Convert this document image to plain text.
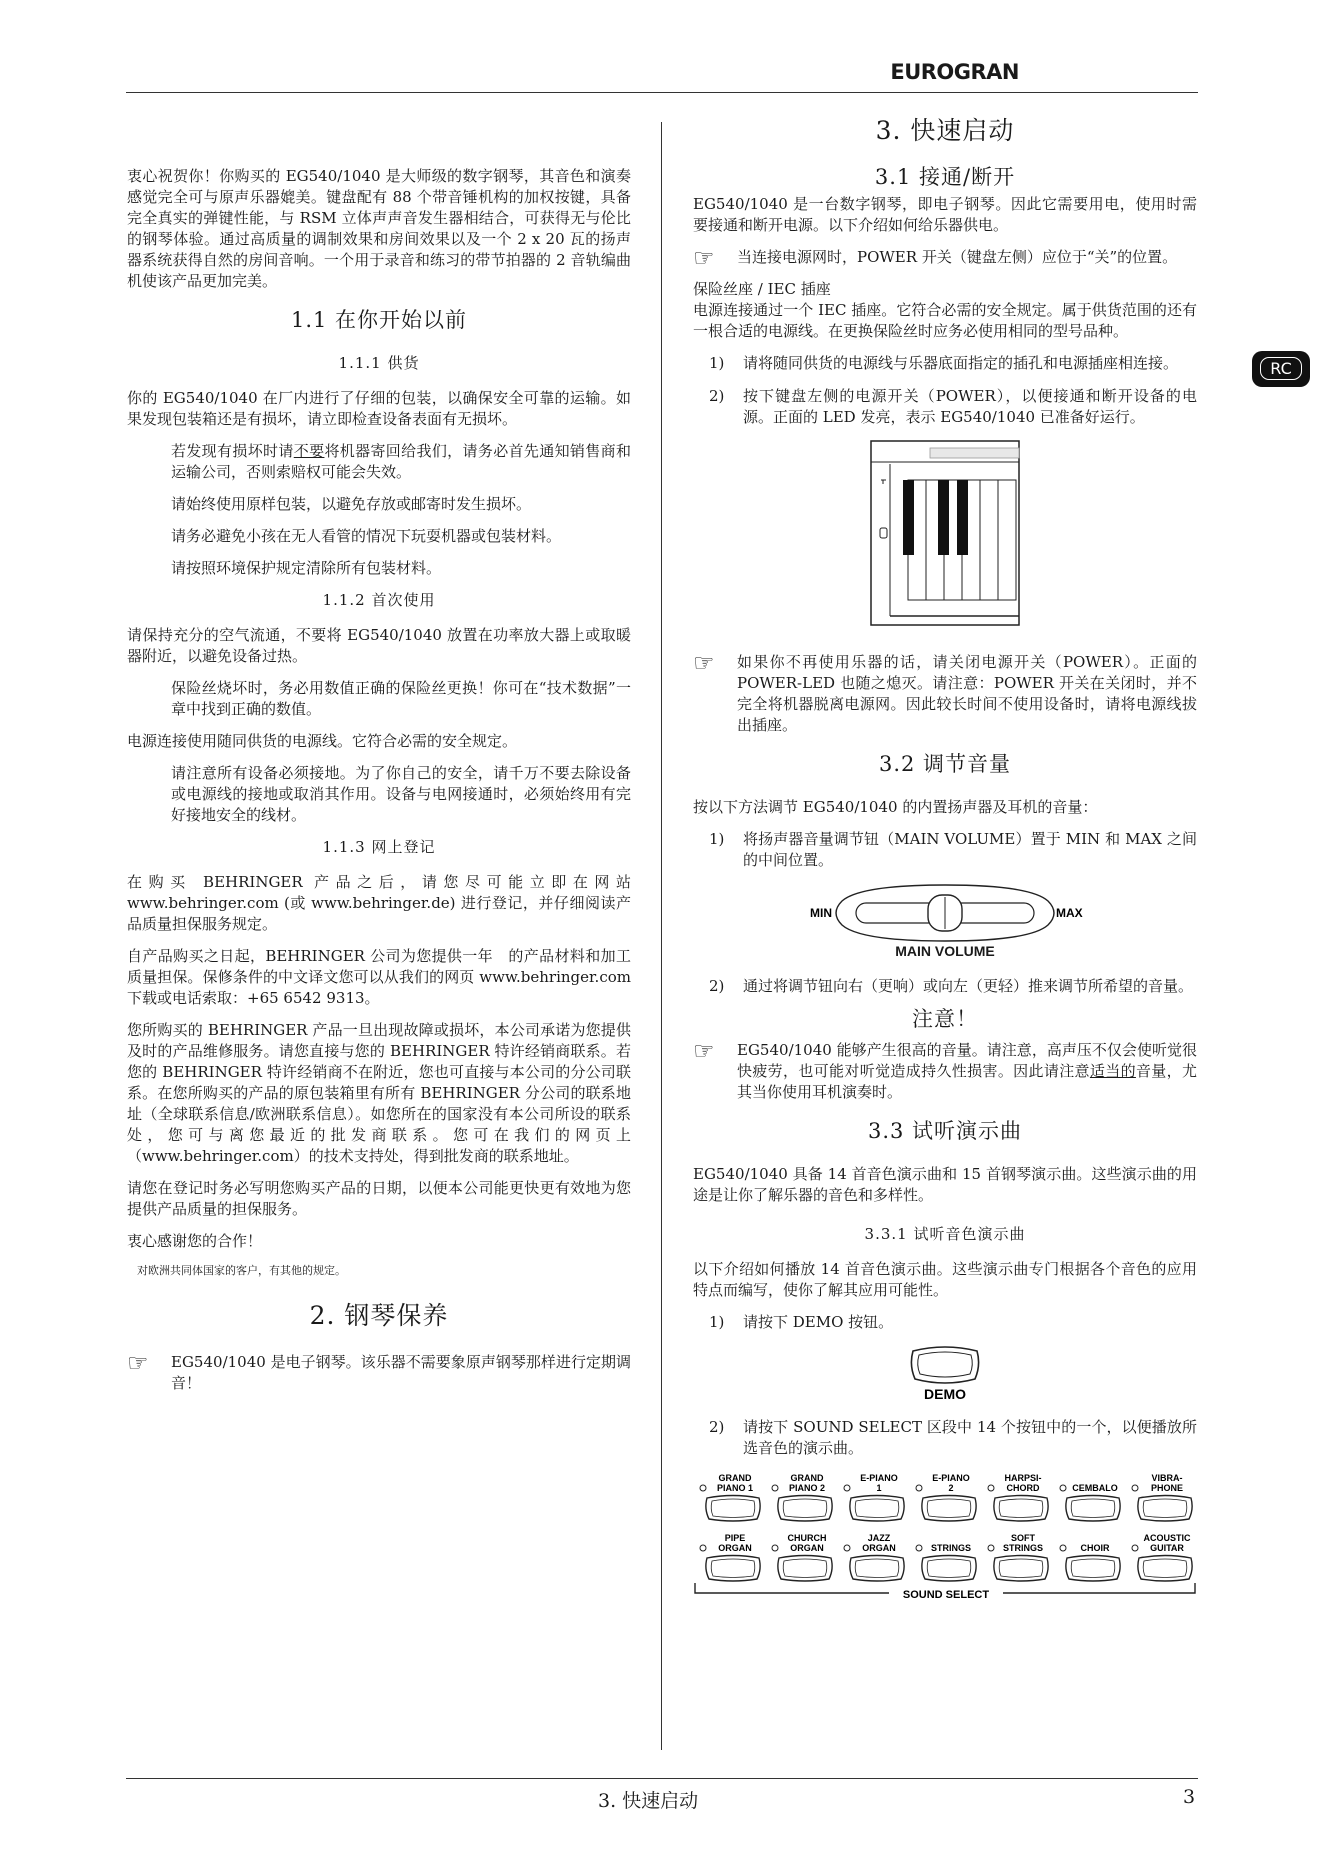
EUROGRAN
RC

衷心祝贺你！你购买的 EG540/1040 是大师级的数字钢琴，其音色和演奏感觉完全可与原声乐器媲美。键盘配有 88 个带音锤机构的加权按键，具备完全真实的弹键性能，与 RSM 立体声声音发生器相结合，可获得无与伦比的钢琴体验。通过高质量的调制效果和房间效果以及一个 2 x 20 瓦的扬声器系统获得自然的房间音响。一个用于录音和练习的带节拍器的 2 音轨编曲机使该产品更加完美。

1.1 在你开始以前
1.1.1 供货

你的 EG540/1040 在厂内进行了仔细的包装，以确保安全可靠的运输。如果发现包装箱还是有损坏，请立即检查设备表面有无损坏。

若发现有损坏时请不要将机器寄回给我们，请务必首先通知销售商和运输公司，否则索赔权可能会失效。

请始终使用原样包装，以避免存放或邮寄时发生损坏。

请务必避免小孩在无人看管的情况下玩耍机器或包装材料。

请按照环境保护规定清除所有包装材料。

1.1.2 首次使用

请保持充分的空气流通，不要将 EG540/1040 放置在功率放大器上或取暖器附近，以避免设备过热。

保险丝烧坏时，务必用数值正确的保险丝更换！你可在“技术数据”一章中找到正确的数值。

电源连接使用随同供货的电源线。它符合必需的安全规定。

请注意所有设备必须接地。为了你自己的安全，请千万不要去除设备或电源线的接地或取消其作用。设备与电网接通时，必须始终用有完好接地安全的线材。

1.1.3 网上登记

在购买 BEHRINGER 产品之后，请您尽可能立即在网站 www.behringer.com (或 www.behringer.de) 进行登记，并仔细阅读产品质量担保服务规定。

自产品购买之日起，BEHRINGER 公司为您提供一年　的产品材料和加工质量担保。保修条件的中文译文您可以从我们的网页 www.behringer.com 下载或电话索取：+65 6542 9313。

您所购买的 BEHRINGER 产品一旦出现故障或损坏，本公司承诺为您提供及时的产品维修服务。请您直接与您的 BEHRINGER 特许经销商联系。若您的 BEHRINGER 特许经销商不在附近，您也可直接与本公司的分公司联系。在您所购买的产品的原包装箱里有所有 BEHRINGER 分公司的联系地址（全球联系信息/欧洲联系信息）。如您所在的国家没有本公司所设的联系处，您可与离您最近的批发商联系。您可在我们的网页上（www.behringer.com）的技术支持处，得到批发商的联系地址。

请您在登记时务必写明您购买产品的日期，以便本公司能更快更有效地为您提供产品质量的担保服务。

衷心感谢您的合作！

对欧洲共同体国家的客户，有其他的规定。

2. 钢琴保养
☞	EG540/1040 是电子钢琴。该乐器不需要象原声钢琴那样进行定期调音！
3. 快速启动
3.1 接通/断开

EG540/1040 是一台数字钢琴，即电子钢琴。因此它需要用电，使用时需要接通和断开电源。以下介绍如何给乐器供电。

☞	当连接电源网时，POWER 开关（键盘左侧）应位于“关”的位置。

保险丝座 / IEC 插座

电源连接通过一个 IEC 插座。它符合必需的安全规定。属于供货范围的还有一根合适的电源线。在更换保险丝时应务必使用相同的型号品种。

1)	请将随同供货的电源线与乐器底面指定的插孔和电源插座相连接。
2)	按下键盘左侧的电源开关（POWER），以便接通和断开设备的电源。正面的 LED 发亮，表示 EG540/1040 已准备好运行。
☞	如果你不再使用乐器的话，请关闭电源开关（POWER）。正面的 POWER-LED 也随之熄灭。请注意：POWER 开关在关闭时，并不完全将机器脱离电源网。因此较长时间不使用设备时，请将电源线拔出插座。
3.2 调节音量

按以下方法调节 EG540/1040 的内置扬声器及耳机的音量：

1)	将扬声器音量调节钮（MAIN VOLUME）置于 MIN 和 MAX 之间的中间位置。
MIN	MAX
MAIN VOLUME
2)	通过将调节钮向右（更响）或向左（更轻）推来调节所希望的音量。
注意！
☞	EG540/1040 能够产生很高的音量。请注意，高声压不仅会使听觉很快疲劳，也可能对听觉造成持久性损害。因此请注意适当的音量，尤其当你使用耳机演奏时。
3.3 试听演示曲

EG540/1040 具备 14 首音色演示曲和 15 首钢琴演示曲。这些演示曲的用途是让你了解乐器的音色和多样性。

3.3.1 试听音色演示曲

以下介绍如何播放 14 首音色演示曲。这些演示曲专门根据各个音色的应用特点而编写，使你了解其应用可能性。

1)	请按下 DEMO 按钮。
DEMO
2)	请按下 SOUND SELECT 区段中 14 个按钮中的一个，以便播放所选音色的演示曲。
GRAND
PIANO 1
GRAND
PIANO 2
E-PIANO
1
E-PIANO
2
HARPSI-
CHORD	CEMBALO
VIBRA-
PHONE
PIPE
ORGAN
CHURCH
ORGAN
JAZZ
ORGAN	STRINGS
SOFT
STRINGS	CHOIR
ACOUSTIC
GUITAR
SOUND SELECT
3. 快速启动	3
